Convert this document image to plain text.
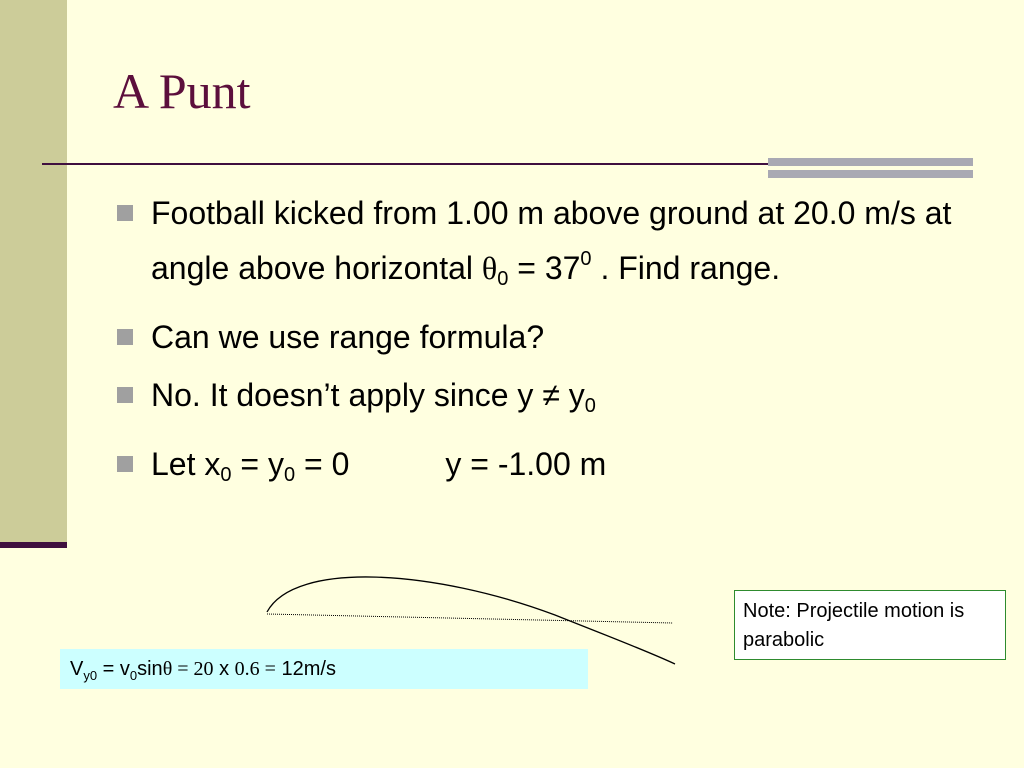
A Punt
Football kicked from 1.00 m above ground at 20.0 m/s at angle above horizontal $\theta_0 = 37^0$ . Find range.
Can we use range formula?
No. It doesn’t apply since $y \ne y_0$
Let $x_0 = y_0 = 0$	y = -1.00 m
$V_{y0} = v_0\sin\theta = 20$ x 0.6 = 12m/s
Note: Projectile motion is parabolic
